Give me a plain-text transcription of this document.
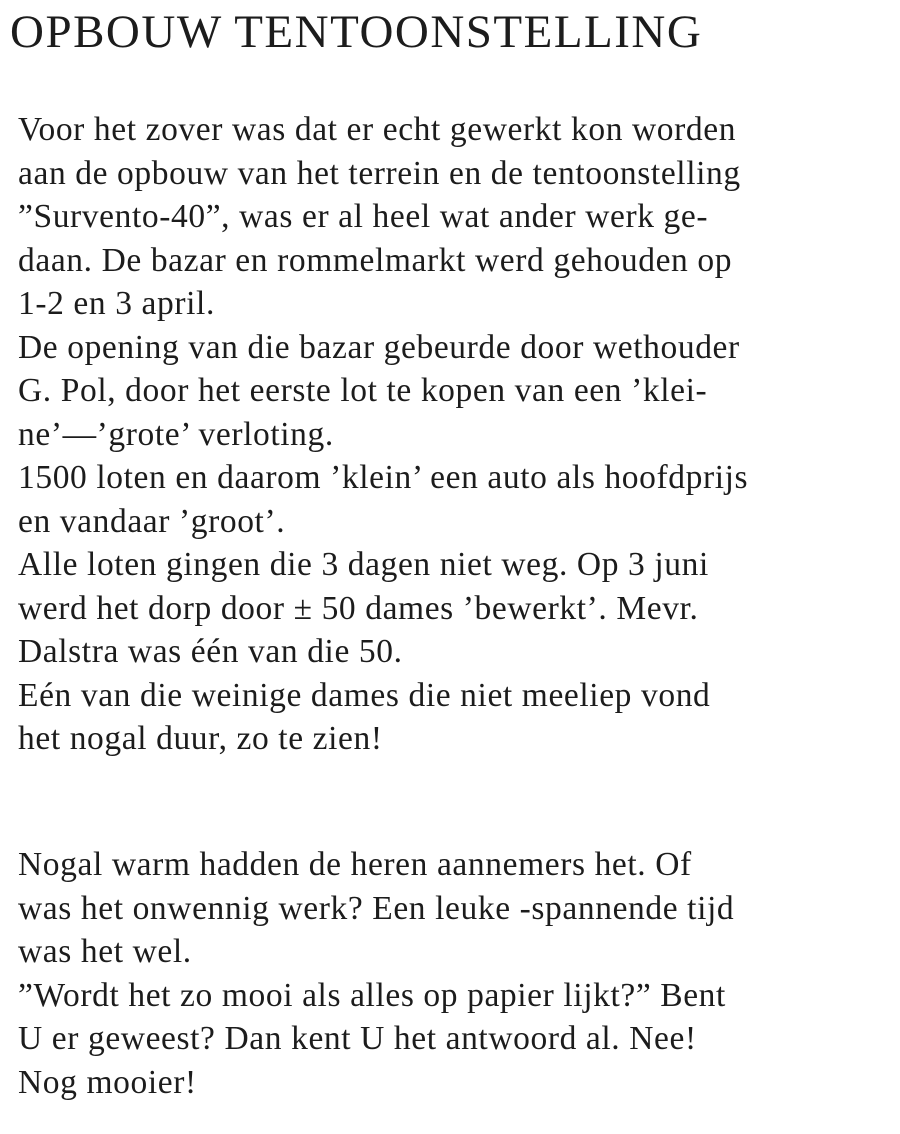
OPBOUW TENTOONSTELLING
Voor het zover was dat er echt gewerkt kon worden
aan de opbouw van het terrein en de tentoonstelling
”Survento-40”, was er al heel wat ander werk ge-
daan. De bazar en rommelmarkt werd gehouden op
1-2 en 3 april.
De opening van die bazar gebeurde door wethouder
G. Pol, door het eerste lot te kopen van een ’klei-
ne’—’grote’ verloting.
1500 loten en daarom ’klein’ een auto als hoofdprijs
en vandaar ’groot’.
Alle loten gingen die 3 dagen niet weg. Op 3 juni
werd het dorp door ± 50 dames ’bewerkt’. Mevr.
Dalstra was één van die 50.
Eén van die weinige dames die niet meeliep vond
het nogal duur, zo te zien!
Nogal warm hadden de heren aannemers het. Of
was het onwennig werk? Een leuke -spannende tijd
was het wel.
”Wordt het zo mooi als alles op papier lijkt?” Bent
U er geweest? Dan kent U het antwoord al. Nee!
Nog mooier!
